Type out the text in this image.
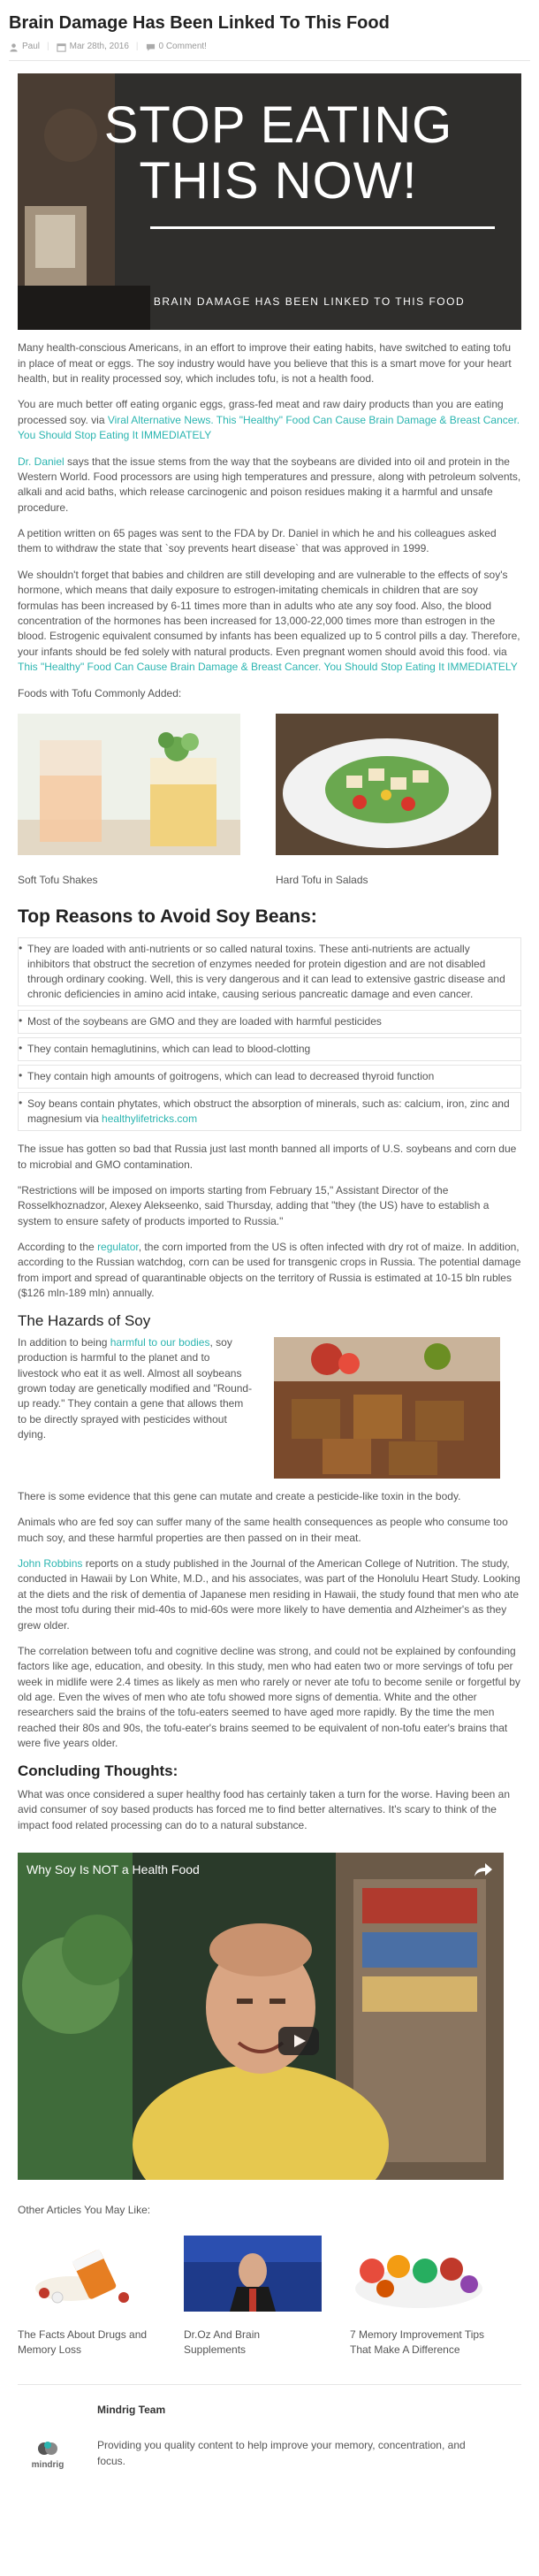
Brain Damage Has Been Linked To This Food
Paul | Mar 28th, 2016 | 0 Comment!
STOP EATING
THIS NOW!
BRAIN DAMAGE HAS BEEN LINKED TO THIS FOOD

Many health-conscious Americans, in an effort to improve their eating habits, have switched to eating tofu in place of meat or eggs. The soy industry would have you believe that this is a smart move for your heart health, but in reality processed soy, which includes tofu, is not a health food.

You are much better off eating organic eggs, grass-fed meat and raw dairy products than you are eating processed soy. via Viral Alternative News. This "Healthy" Food Can Cause Brain Damage & Breast Cancer. You Should Stop Eating It IMMEDIATELY

Dr. Daniel says that the issue stems from the way that the soybeans are divided into oil and protein in the Western World. Food processors are using high temperatures and pressure, along with petroleum solvents, alkali and acid baths, which release carcinogenic and poison residues making it a harmful and unsafe procedure.

A petition written on 65 pages was sent to the FDA by Dr. Daniel in which he and his colleagues asked them to withdraw the state that `soy prevents heart disease` that was approved in 1999.

We shouldn't forget that babies and children are still developing and are vulnerable to the effects of soy's hormone, which means that daily exposure to estrogen-imitating chemicals in children that are soy formulas has been increased by 6-11 times more than in adults who ate any soy food. Also, the blood concentration of the hormones has been increased for 13,000-22,000 times more than estrogen in the blood. Estrogenic equivalent consumed by infants has been equalized up to 5 control pills a day. Therefore, your infants should be fed solely with natural products. Even pregnant women should avoid this food. via This "Healthy" Food Can Cause Brain Damage & Breast Cancer. You Should Stop Eating It IMMEDIATELY

Foods with Tofu Commonly Added:

Soft Tofu Shakes	Hard Tofu in Salads
Top Reasons to Avoid Soy Beans:
• They are loaded with anti-nutrients or so called natural toxins. These anti-nutrients are actually inhibitors that obstruct the secretion of enzymes needed for protein digestion and are not disabled through ordinary cooking. Well, this is very dangerous and it can lead to extensive gastric disease and chronic deficiencies in amino acid intake, causing serious pancreatic damage and even cancer.
• Most of the soybeans are GMO and they are loaded with harmful pesticides
• They contain hemaglutinins, which can lead to blood-clotting
• They contain high amounts of goitrogens, which can lead to decreased thyroid function
• Soy beans contain phytates, which obstruct the absorption of minerals, such as: calcium, iron, zinc and magnesium via healthylifetricks.com

The issue has gotten so bad that Russia just last month banned all imports of U.S. soybeans and corn due to microbial and GMO contamination.

"Restrictions will be imposed on imports starting from February 15," Assistant Director of the Rosselkhoznadzor, Alexey Alekseenko, said Thursday, adding that "they (the US) have to establish a system to ensure safety of products imported to Russia."

According to the regulator, the corn imported from the US is often infected with dry rot of maize. In addition, according to the Russian watchdog, corn can be used for transgenic crops in Russia. The potential damage from import and spread of quarantinable objects on the territory of Russia is estimated at 10-15 bln rubles ($126 mln-189 mln) annually.

The Hazards of Soy
In addition to being harmful to our bodies, soy production is harmful to the planet and to livestock who eat it as well. Almost all soybeans grown today are genetically modified and "Round-up ready." They contain a gene that allows them to be directly sprayed with pesticides without dying.

There is some evidence that this gene can mutate and create a pesticide-like toxin in the body.

Animals who are fed soy can suffer many of the same health consequences as people who consume too much soy, and these harmful properties are then passed on in their meat.

John Robbins reports on a study published in the Journal of the American College of Nutrition. The study, conducted in Hawaii by Lon White, M.D., and his associates, was part of the Honolulu Heart Study. Looking at the diets and the risk of dementia of Japanese men residing in Hawaii, the study found that men who ate the most tofu during their mid-40s to mid-60s were more likely to have dementia and Alzheimer's as they grew older.

The correlation between tofu and cognitive decline was strong, and could not be explained by confounding factors like age, education, and obesity. In this study, men who had eaten two or more servings of tofu per week in midlife were 2.4 times as likely as men who rarely or never ate tofu to become senile or forgetful by old age. Even the wives of men who ate tofu showed more signs of dementia. White and the other researchers said the brains of the tofu-eaters seemed to have aged more rapidly. By the time the men reached their 80s and 90s, the tofu-eater's brains seemed to be equivalent of non-tofu eater's brains that were five years older.

Concluding Thoughts:

What was once considered a super healthy food has certainly taken a turn for the worse. Having been an avid consumer of soy based products has forced me to find better alternatives. It's scary to think of the impact food related processing can do to a natural substance.

Why Soy Is NOT a Health Food
Other Articles You May Like:
The Facts About Drugs and Memory Loss
Dr.Oz And Brain Supplements
7 Memory Improvement Tips That Make A Difference
mindrig
Mindrig Team
Providing you quality content to help improve your memory, concentration, and focus.
